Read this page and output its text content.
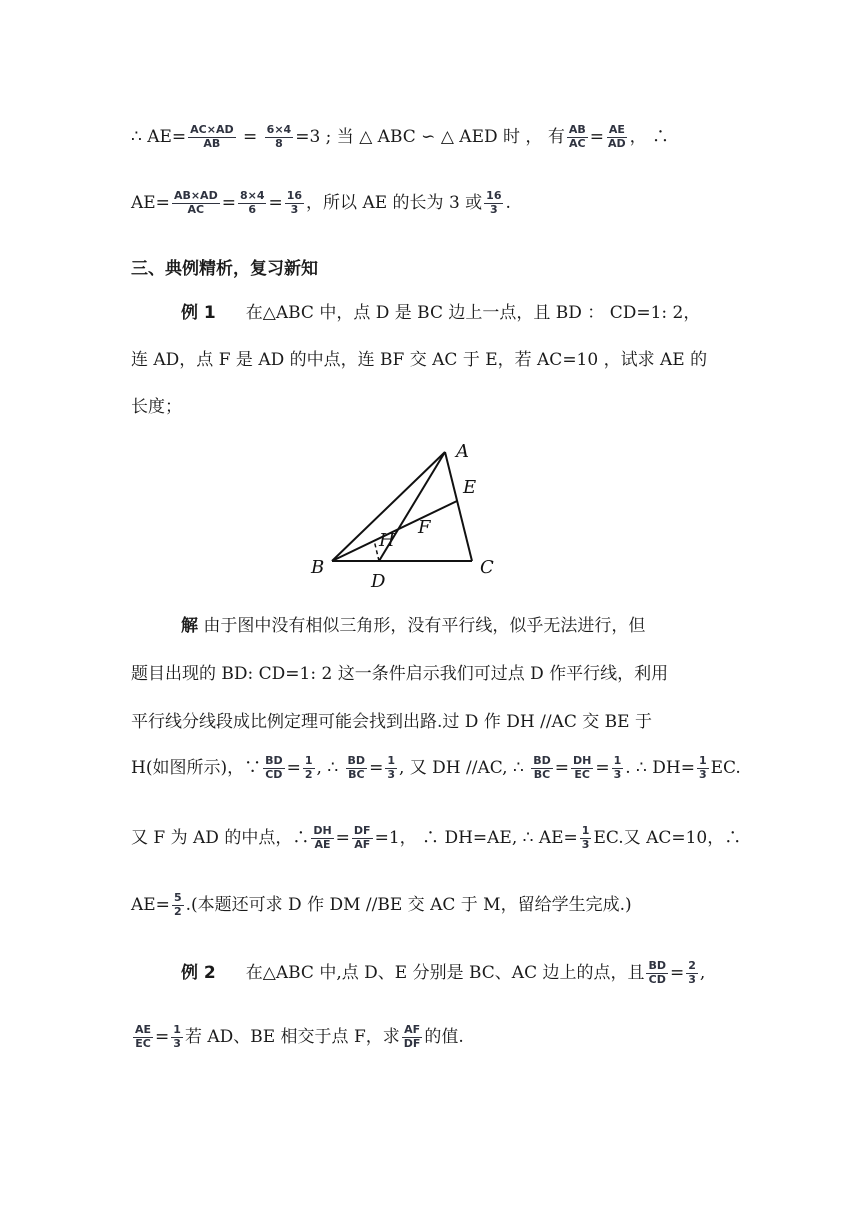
∴ $AE= \frac{AC\times AD}{AB} = \frac{6\times 4}{8} =3$ ; 当 △ ABC ∽ △ AED 时 ， 有 $\frac{AB}{AC} = \frac{AE}{AD}$ ， ∴
$AE= \frac{AB\times AD}{AC} = \frac{8\times 4}{6} = \frac{16}{3}$ ，所以 AE 的长为 3 或 $\frac{16}{3}$ .
三、典例精析，复习新知
例 1 在△ABC 中，点 D 是 BC 边上一点，且 BD ： CD=1: 2，
连 AD，点 F 是 AD 的中点，连 BF 交 AC 于 E，若 AC=10 ，试求 AE 的
长度；
A
E
F
H
B
D
C
解 由于图中没有相似三角形，没有平行线，似乎无法进行，但
题目出现的 BD: CD=1: 2 这一条件启示我们可过点 D 作平行线，利用
平行线分线段成比例定理可能会找到出路.过 D 作 DH //AC 交 BE 于
H(如图所示)，∵ $\frac{BD}{CD} = \frac{1}{2}$ , ∴ $\frac{BD}{BC} = \frac{1}{3}$ , 又 DH //AC, ∴ $\frac{BD}{BC} = \frac{DH}{EC} = \frac{1}{3}$ . ∴ $DH= \frac{1}{3}$ EC.
又 F 为 AD 的中点，∴ $\frac{DH}{AE} = \frac{DF}{AF} =1$， ∴ DH=AE, ∴ $AE= \frac{1}{3}$ EC.又 AC=10，∴
$AE= \frac{5}{2}$ .(本题还可求 D 作 DM //BE 交 AC 于 M，留给学生完成.)
例 2 在△ABC 中,点 D、E 分别是 BC、AC 边上的点，且 $\frac{BD}{CD} = \frac{2}{3}$ ,
$\frac{AE}{EC} = \frac{1}{3}$ 若 AD、BE 相交于点 F，求 $\frac{AF}{DF}$ 的值.
